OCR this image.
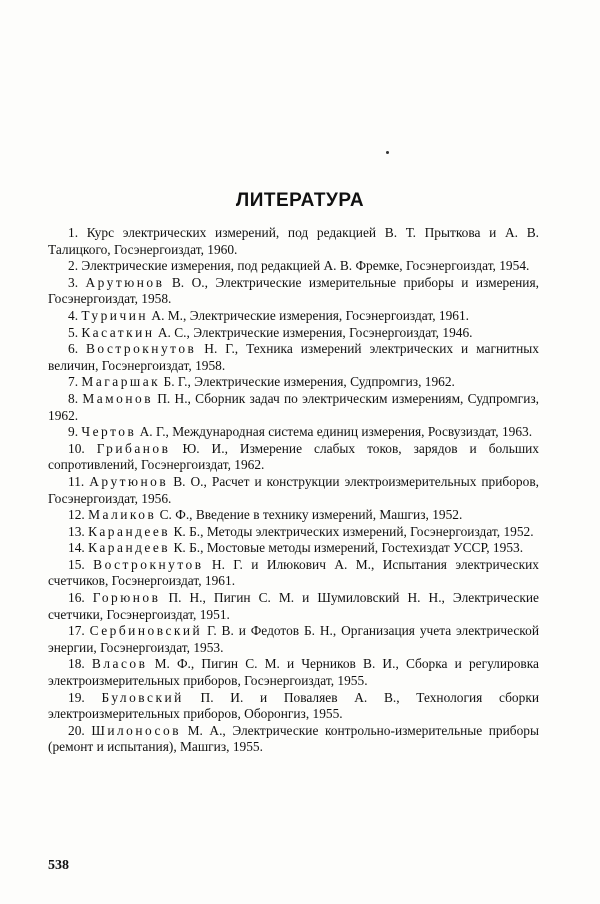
ЛИТЕРАТУРА
1. Курс электрических измерений, под редакцией В. Т. Прыткова и А. В. Талицкого, Госэнергоиздат, 1960.
2. Электрические измерения, под редакцией А. В. Фремке, Госэнергоиздат, 1954.
3. Арутюнов В. О., Электрические измерительные приборы и измерения, Госэнергоиздат, 1958.
4. Туричин А. М., Электрические измерения, Госэнергоиздат, 1961.
5. Касаткин А. С., Электрические измерения, Госэнергоиздат, 1946.
6. Вострокнутов Н. Г., Техника измерений электрических и магнитных величин, Госэнергоиздат, 1958.
7. Магаршак Б. Г., Электрические измерения, Судпромгиз, 1962.
8. Мамонов П. Н., Сборник задач по электрическим измерениям, Судпромгиз, 1962.
9. Чертов А. Г., Международная система единиц измерения, Росвузиздат, 1963.
10. Грибанов Ю. И., Измерение слабых токов, зарядов и больших сопротивлений, Госэнергоиздат, 1962.
11. Арутюнов В. О., Расчет и конструкции электроизмерительных приборов, Госэнергоиздат, 1956.
12. Маликов С. Ф., Введение в технику измерений, Машгиз, 1952.
13. Карандеев К. Б., Методы электрических измерений, Госэнергоиздат, 1952.
14. Карандеев К. Б., Мостовые методы измерений, Гостехиздат УССР, 1953.
15. Вострокнутов Н. Г. и Илюкович А. М., Испытания электрических счетчиков, Госэнергоиздат, 1961.
16. Горюнов П. Н., Пигин С. М. и Шумиловский Н. Н., Электрические счетчики, Госэнергоиздат, 1951.
17. Сербиновский Г. В. и Федотов Б. Н., Организация учета электрической энергии, Госэнергоиздат, 1953.
18. Власов М. Ф., Пигин С. М. и Черников В. И., Сборка и регулировка электроизмерительных приборов, Госэнергоиздат, 1955.
19. Буловский П. И. и Поваляев А. В., Технология сборки электроизмерительных приборов, Оборонгиз, 1955.
20. Шилоносов М. А., Электрические контрольно-измерительные приборы (ремонт и испытания), Машгиз, 1955.
538
